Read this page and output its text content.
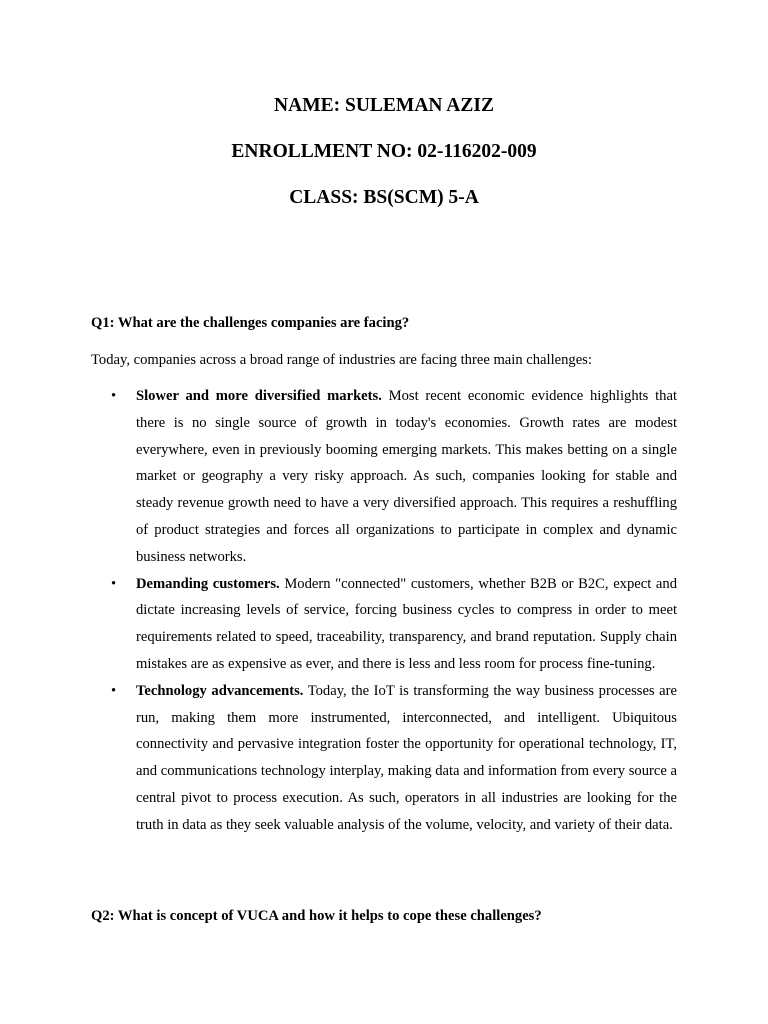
NAME: SULEMAN AZIZ

ENROLLMENT NO: 02-116202-009

CLASS: BS(SCM) 5-A

Q1: What are the challenges companies are facing?

Today, companies across a broad range of industries are facing three main challenges:

•	Slower and more diversified markets. Most recent economic evidence highlights that there is no single source of growth in today's economies. Growth rates are modest everywhere, even in previously booming emerging markets. This makes betting on a single market or geography a very risky approach. As such, companies looking for stable and steady revenue growth need to have a very diversified approach. This requires a reshuffling of product strategies and forces all organizations to participate in complex and dynamic business networks.
•	Demanding customers. Modern "connected" customers, whether B2B or B2C, expect and dictate increasing levels of service, forcing business cycles to compress in order to meet requirements related to speed, traceability, transparency, and brand reputation. Supply chain mistakes are as expensive as ever, and there is less and less room for process fine-tuning.
•	Technology advancements. Today, the IoT is transforming the way business processes are run, making them more instrumented, interconnected, and intelligent. Ubiquitous connectivity and pervasive integration foster the opportunity for operational technology, IT, and communications technology interplay, making data and information from every source a central pivot to process execution. As such, operators in all industries are looking for the truth in data as they seek valuable analysis of the volume, velocity, and variety of their data.

Q2: What is concept of VUCA and how it helps to cope these challenges?
